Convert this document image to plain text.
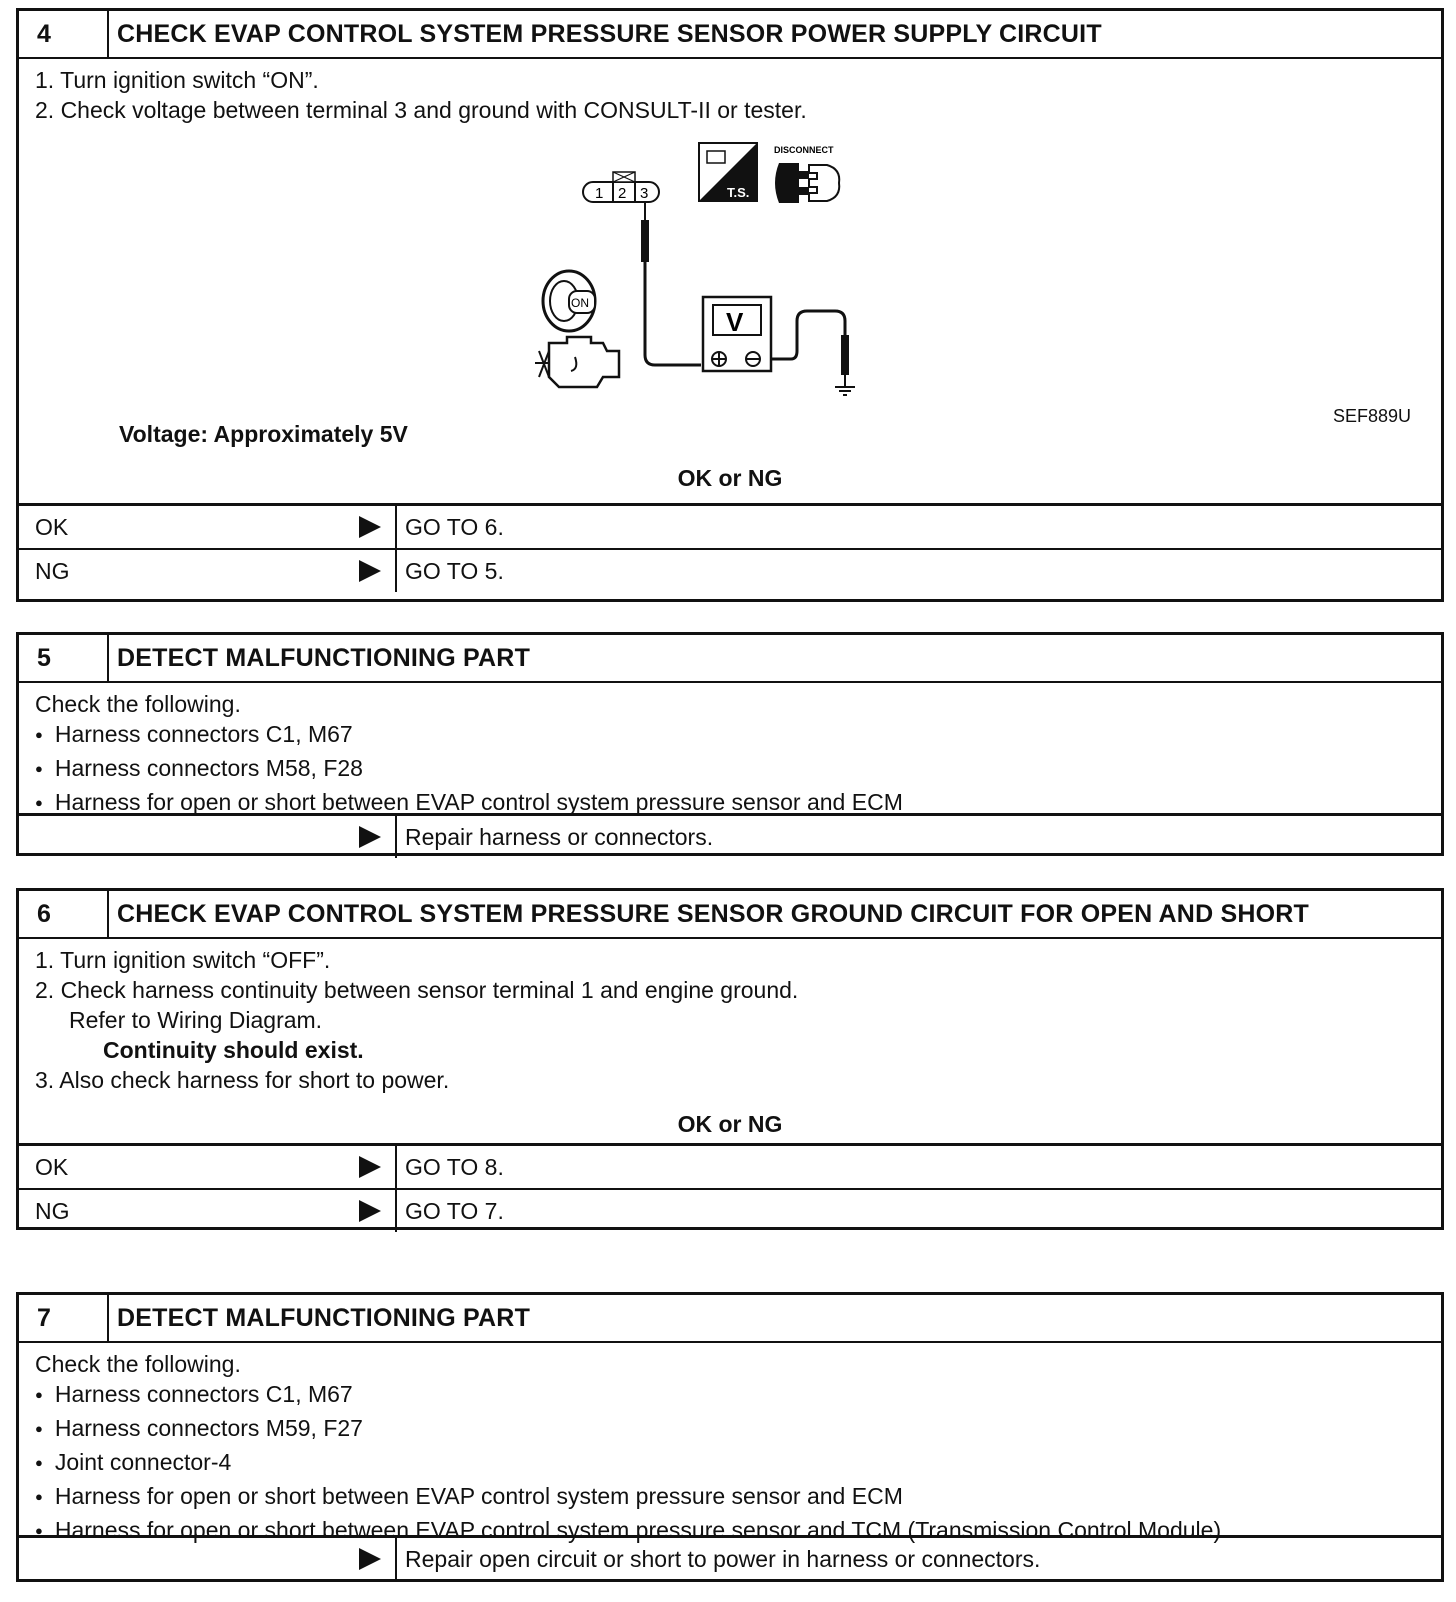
4	CHECK EVAP CONTROL SYSTEM PRESSURE SENSOR POWER SUPPLY CIRCUIT
1. Turn ignition switch “ON”.
2. Check voltage between terminal 3 and ground with CONSULT-II or tester.
1 2 3	T.S.
DISCONNECT
V
ON
SEF889U
Voltage: Approximately 5V
OK or NG
OK	GO TO 6.
NG	GO TO 5.
5	DETECT MALFUNCTIONING PART
Check the following.
● Harness connectors C1, M67
● Harness connectors M58, F28
● Harness for open or short between EVAP control system pressure sensor and ECM
Repair harness or connectors.
6	CHECK EVAP CONTROL SYSTEM PRESSURE SENSOR GROUND CIRCUIT FOR OPEN AND SHORT
1. Turn ignition switch “OFF”.
2. Check harness continuity between sensor terminal 1 and engine ground.
Refer to Wiring Diagram.
Continuity should exist.
3. Also check harness for short to power.
OK or NG
OK	GO TO 8.
NG	GO TO 7.
7	DETECT MALFUNCTIONING PART
Check the following.
● Harness connectors C1, M67
● Harness connectors M59, F27
● Joint connector-4
● Harness for open or short between EVAP control system pressure sensor and ECM
● Harness for open or short between EVAP control system pressure sensor and TCM (Transmission Control Module)
Repair open circuit or short to power in harness or connectors.
